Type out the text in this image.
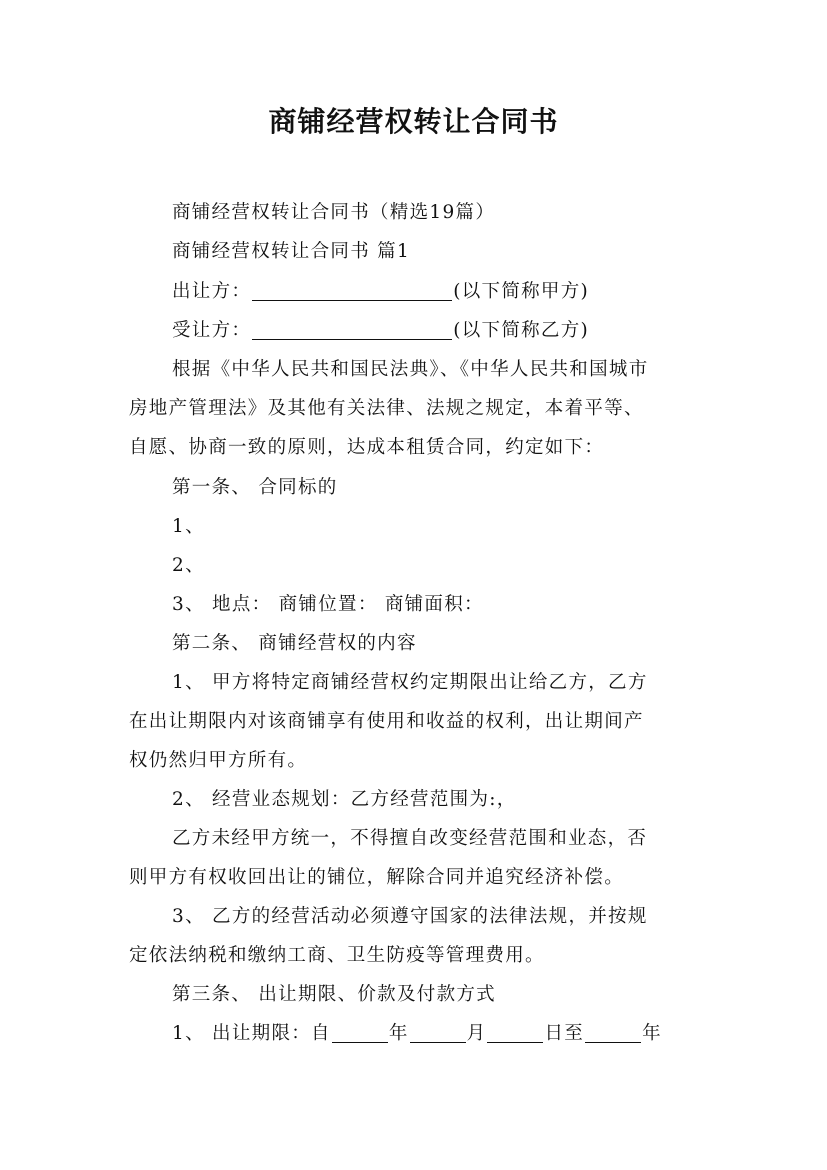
商铺经营权转让合同书
商铺经营权转让合同书（精选19篇）
商铺经营权转让合同书 篇1
出让方：	(以下简称甲方)
受让方：	(以下简称乙方)
根据《中华人民共和国民法典》、《中华人民共和国城市
房地产管理法》及其他有关法律、法规之规定，本着平等、
自愿、协商一致的原则，达成本租赁合同，约定如下：
第一条、 合同标的
1、
2、
3、 地点： 商铺位置： 商铺面积：
第二条、 商铺经营权的内容
1、 甲方将特定商铺经营权约定期限出让给乙方，乙方
在出让期限内对该商铺享有使用和收益的权利，出让期间产
权仍然归甲方所有。
2、 经营业态规划：乙方经营范围为:，
乙方未经甲方统一，不得擅自改变经营范围和业态，否
则甲方有权收回出让的铺位，解除合同并追究经济补偿。
3、 乙方的经营活动必须遵守国家的法律法规，并按规
定依法纳税和缴纳工商、卫生防疫等管理费用。
第三条、 出让期限、价款及付款方式
1、 出让期限：自	年	月	日至	年
